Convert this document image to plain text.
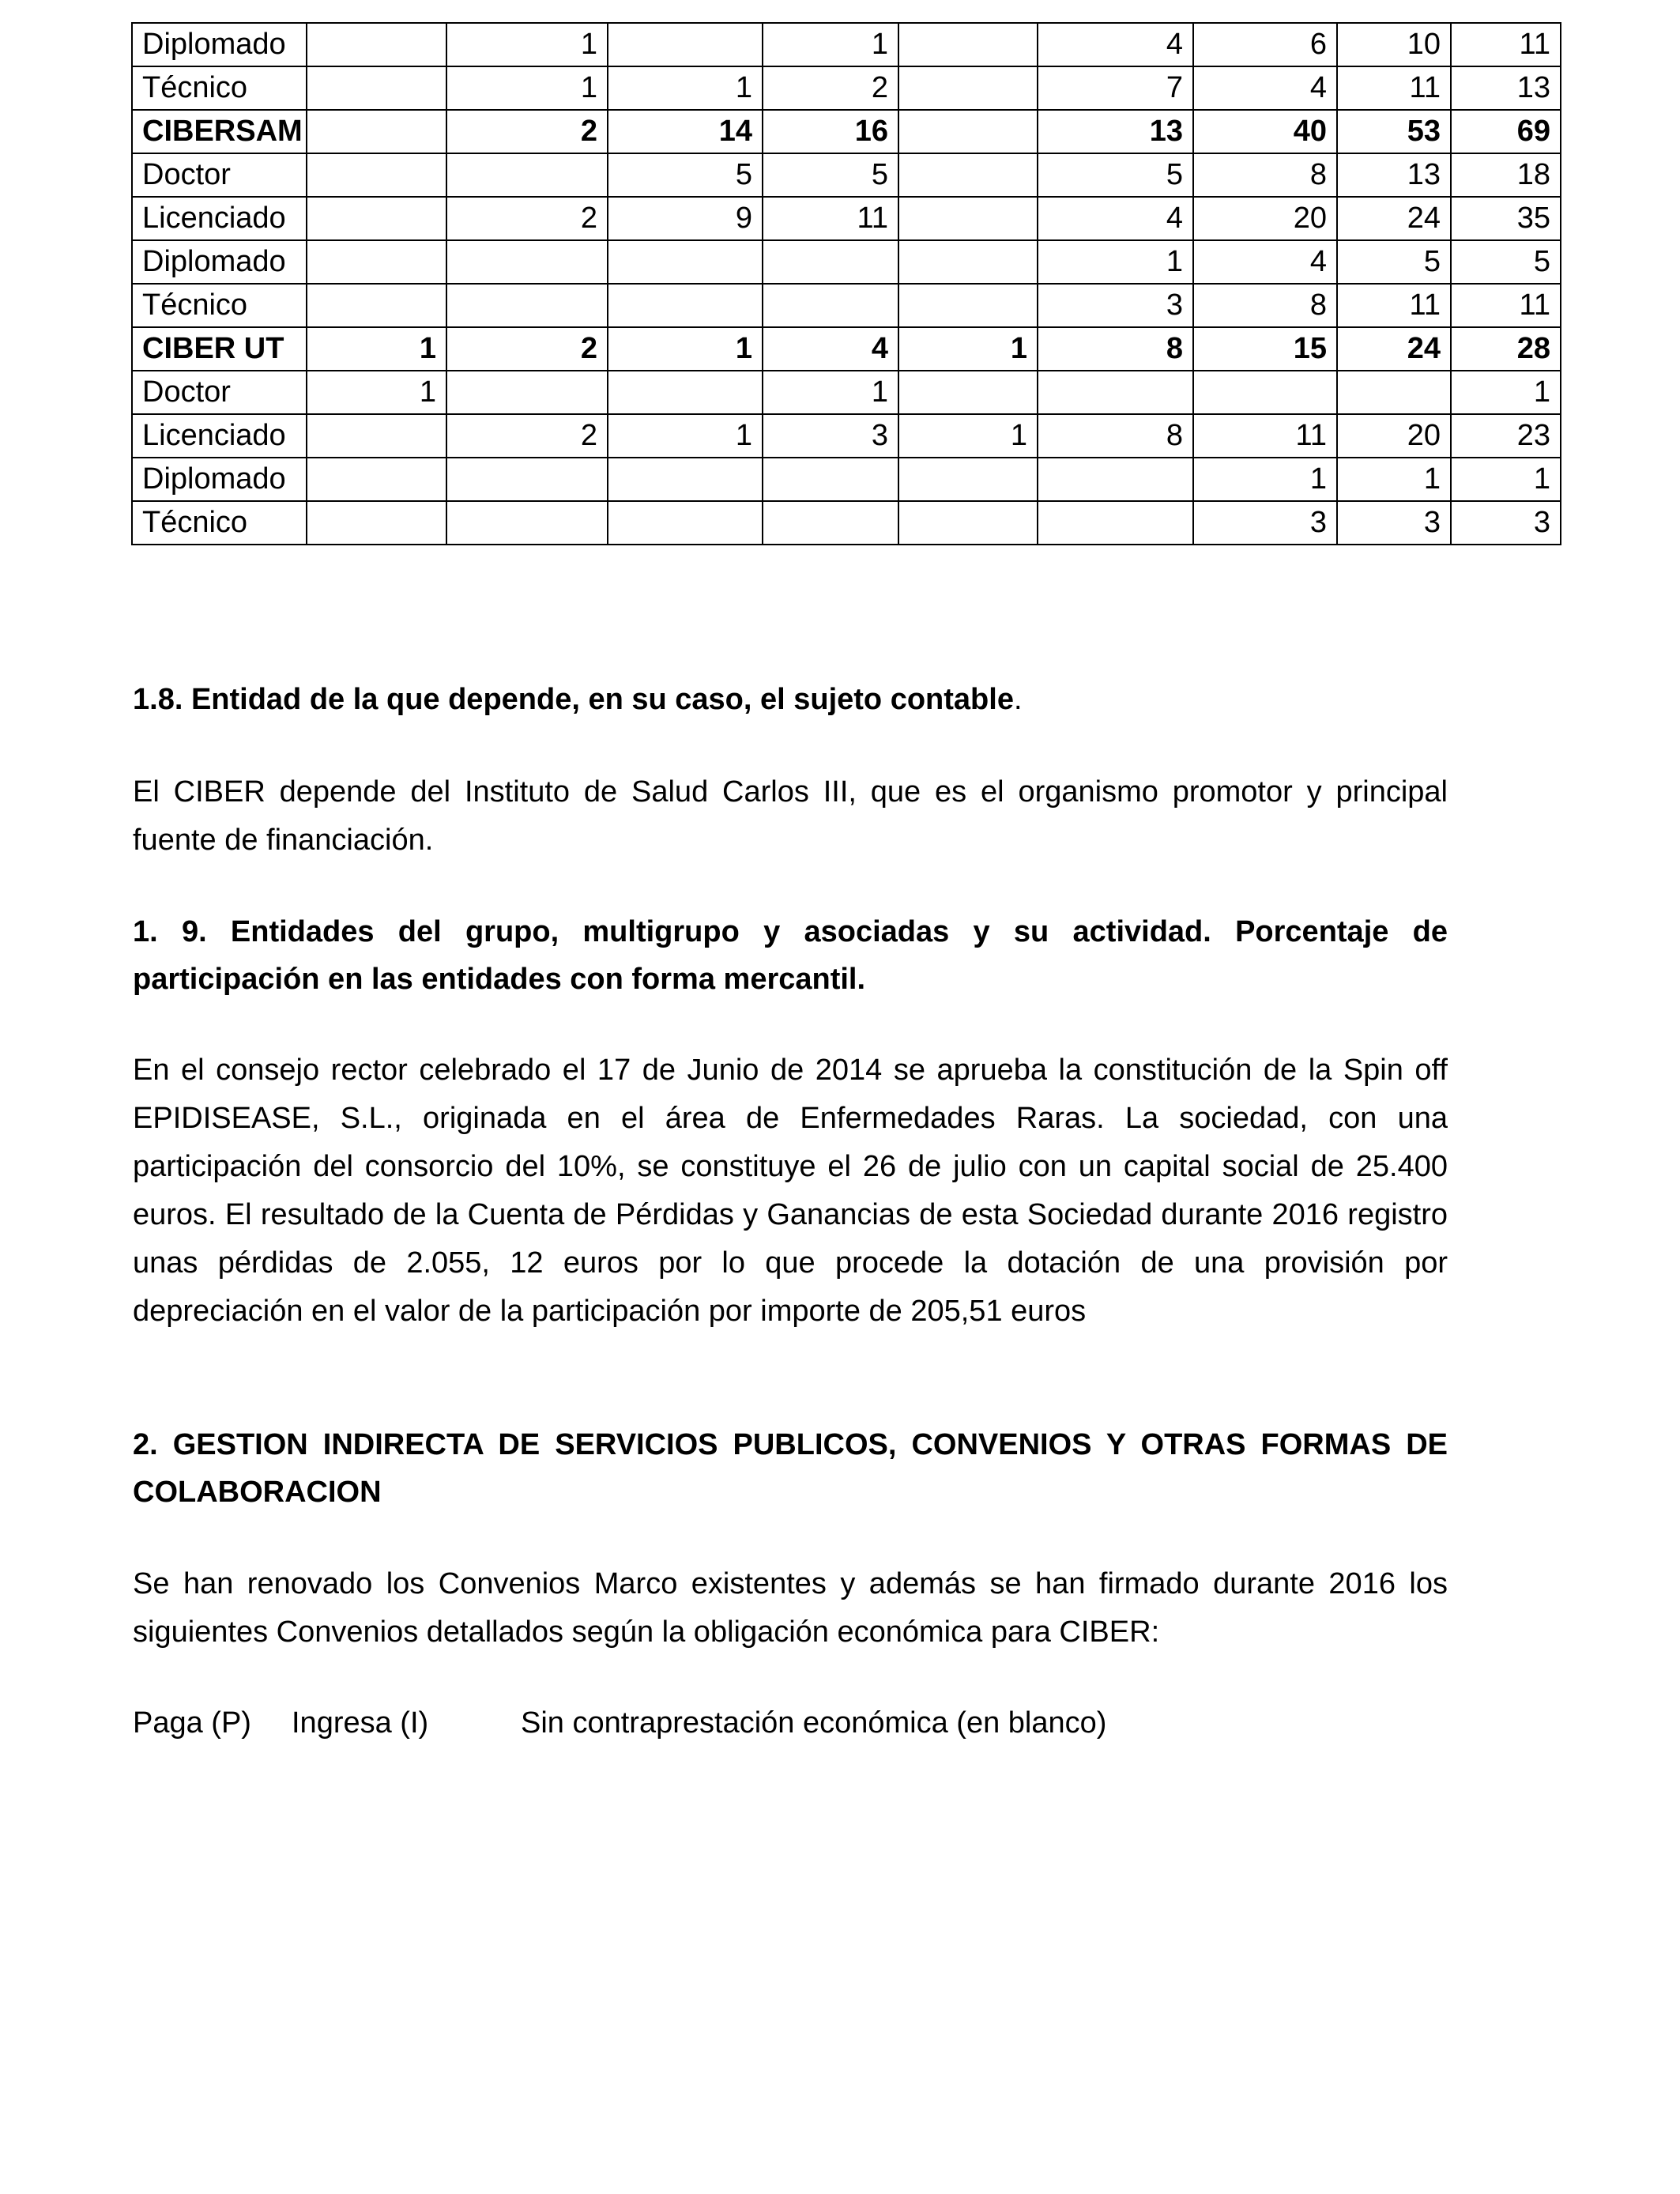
Diplomado		1		1		4	6	10	11
Técnico		1	1	2		7	4	11	13
CIBERSAM		2	14	16		13	40	53	69
Doctor			5	5		5	8	13	18
Licenciado		2	9	11		4	20	24	35
Diplomado						1	4	5	5
Técnico						3	8	11	11
CIBER UT	1	2	1	4	1	8	15	24	28
Doctor	1			1					1
Licenciado		2	1	3	1	8	11	20	23
Diplomado							1	1	1
Técnico							3	3	3
1.8. Entidad de la que depende, en su caso, el sujeto contable.
El CIBER depende del Instituto de Salud Carlos III, que es el organismo promotor y principal fuente de financiación.
1. 9. Entidades del grupo, multigrupo y asociadas y su actividad. Porcentaje de participación en las entidades con forma mercantil.
En el consejo rector celebrado el 17 de Junio de 2014 se aprueba la constitución de la Spin off EPIDISEASE, S.L., originada en el área de Enfermedades Raras. La sociedad, con una participación del consorcio del 10%, se constituye el 26 de julio con un capital social de 25.400 euros. El resultado de la Cuenta de Pérdidas y Ganancias de esta Sociedad durante 2016 registro unas pérdidas de 2.055, 12 euros por lo que procede la dotación de una provisión por depreciación en el valor de la participación por importe de 205,51 euros
2. GESTION INDIRECTA DE SERVICIOS PUBLICOS, CONVENIOS Y OTRAS FORMAS DE COLABORACION
Se han renovado los Convenios Marco existentes y además se han firmado durante 2016 los siguientes Convenios detallados según la obligación económica para CIBER:
Paga (P) Ingresa (I)	Sin contraprestación económica (en blanco)
